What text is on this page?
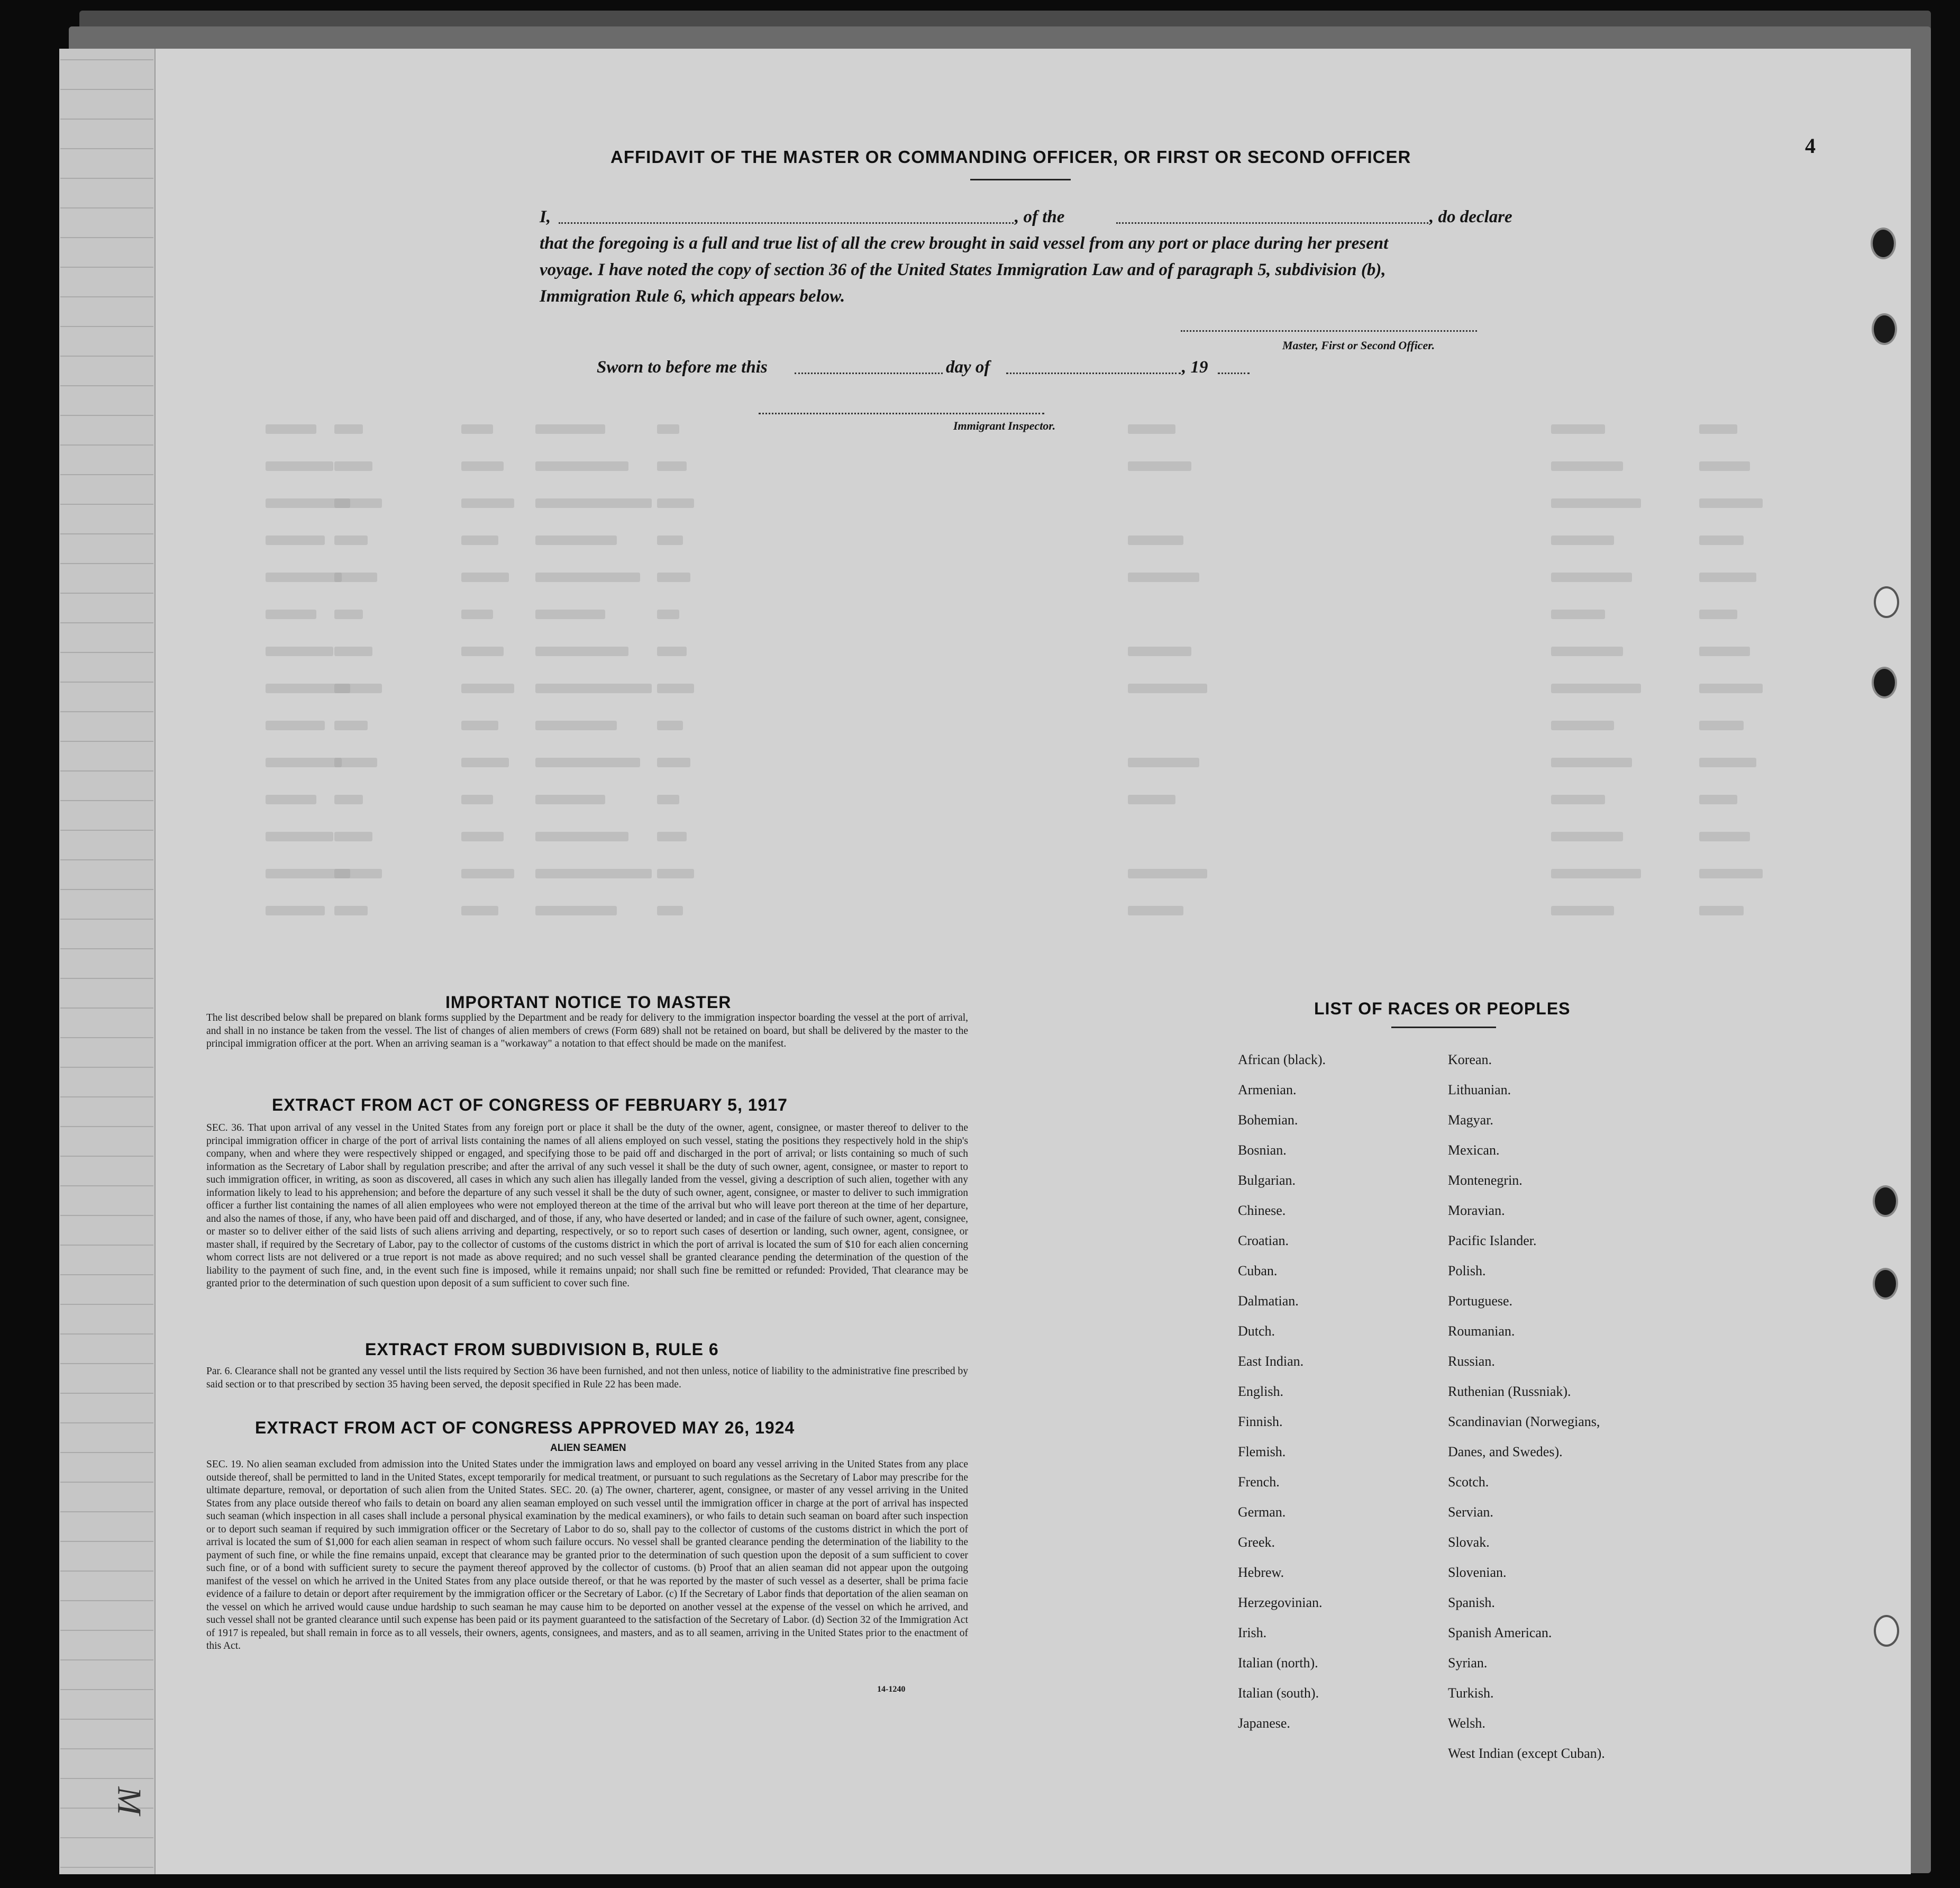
4
AFFIDAVIT OF THE MASTER OR COMMANDING OFFICER, OR FIRST OR SECOND OFFICER
I,	, of the	, do declare
that the foregoing is a full and true list of all the crew brought in said vessel from any port or place during her present
voyage. I have noted the copy of section 36 of the United States Immigration Law and of paragraph 5, subdivision (b),
Immigration Rule 6, which appears below.
Master, First or Second Officer.
Sworn to before me this	day of	, 19
Immigrant Inspector.
IMPORTANT NOTICE TO MASTER
The list described below shall be prepared on blank forms supplied by the Department and be ready for delivery to the immigration inspector boarding the vessel at the port of arrival, and shall in no instance be taken from the vessel. The list of changes of alien members of crews (Form 689) shall not be retained on board, but shall be delivered by the master to the principal immigration officer at the port. When an arriving seaman is a "workaway" a notation to that effect should be made on the manifest.
EXTRACT FROM ACT OF CONGRESS OF FEBRUARY 5, 1917
SEC. 36. That upon arrival of any vessel in the United States from any foreign port or place it shall be the duty of the owner, agent, consignee, or master thereof to deliver to the principal immigration officer in charge of the port of arrival lists containing the names of all aliens employed on such vessel, stating the positions they respectively hold in the ship's company, when and where they were respectively shipped or engaged, and specifying those to be paid off and discharged in the port of arrival; or lists containing so much of such information as the Secretary of Labor shall by regulation prescribe; and after the arrival of any such vessel it shall be the duty of such owner, agent, consignee, or master to report to such immigration officer, in writing, as soon as discovered, all cases in which any such alien has illegally landed from the vessel, giving a description of such alien, together with any information likely to lead to his apprehension; and before the departure of any such vessel it shall be the duty of such owner, agent, consignee, or master to deliver to such immigration officer a further list containing the names of all alien employees who were not employed thereon at the time of the arrival but who will leave port thereon at the time of her departure, and also the names of those, if any, who have been paid off and discharged, and of those, if any, who have deserted or landed; and in case of the failure of such owner, agent, consignee, or master so to deliver either of the said lists of such aliens arriving and departing, respectively, or so to report such cases of desertion or landing, such owner, agent, consignee, or master shall, if required by the Secretary of Labor, pay to the collector of customs of the customs district in which the port of arrival is located the sum of $10 for each alien concerning whom correct lists are not delivered or a true report is not made as above required; and no such vessel shall be granted clearance pending the determination of the question of the liability to the payment of such fine, and, in the event such fine is imposed, while it remains unpaid; nor shall such fine be remitted or refunded: Provided, That clearance may be granted prior to the determination of such question upon deposit of a sum sufficient to cover such fine.
EXTRACT FROM SUBDIVISION B, RULE 6
Par. 6. Clearance shall not be granted any vessel until the lists required by Section 36 have been furnished, and not then unless, notice of liability to the administrative fine prescribed by said section or to that prescribed by section 35 having been served, the deposit specified in Rule 22 has been made.
EXTRACT FROM ACT OF CONGRESS APPROVED MAY 26, 1924
ALIEN SEAMEN
SEC. 19. No alien seaman excluded from admission into the United States under the immigration laws and employed on board any vessel arriving in the United States from any place outside thereof, shall be permitted to land in the United States, except temporarily for medical treatment, or pursuant to such regulations as the Secretary of Labor may prescribe for the ultimate departure, removal, or deportation of such alien from the United States. SEC. 20. (a) The owner, charterer, agent, consignee, or master of any vessel arriving in the United States from any place outside thereof who fails to detain on board any alien seaman employed on such vessel until the immigration officer in charge at the port of arrival has inspected such seaman (which inspection in all cases shall include a personal physical examination by the medical examiners), or who fails to detain such seaman on board after such inspection or to deport such seaman if required by such immigration officer or the Secretary of Labor to do so, shall pay to the collector of customs of the customs district in which the port of arrival is located the sum of $1,000 for each alien seaman in respect of whom such failure occurs. No vessel shall be granted clearance pending the determination of the liability to the payment of such fine, or while the fine remains unpaid, except that clearance may be granted prior to the determination of such question upon the deposit of a sum sufficient to cover such fine, or of a bond with sufficient surety to secure the payment thereof approved by the collector of customs. (b) Proof that an alien seaman did not appear upon the outgoing manifest of the vessel on which he arrived in the United States from any place outside thereof, or that he was reported by the master of such vessel as a deserter, shall be prima facie evidence of a failure to detain or deport after requirement by the immigration officer or the Secretary of Labor. (c) If the Secretary of Labor finds that deportation of the alien seaman on the vessel on which he arrived would cause undue hardship to such seaman he may cause him to be deported on another vessel at the expense of the vessel on which he arrived, and such vessel shall not be granted clearance until such expense has been paid or its payment guaranteed to the satisfaction of the Secretary of Labor. (d) Section 32 of the Immigration Act of 1917 is repealed, but shall remain in force as to all vessels, their owners, agents, consignees, and masters, and as to all seamen, arriving in the United States prior to the enactment of this Act.
14-1240
LIST OF RACES OR PEOPLES
African (black).
Armenian.
Bohemian.
Bosnian.
Bulgarian.
Chinese.
Croatian.
Cuban.
Dalmatian.
Dutch.
East Indian.
English.
Finnish.
Flemish.
French.
German.
Greek.
Hebrew.
Herzegovinian.
Irish.
Italian (north).
Italian (south).
Japanese.
Korean.
Lithuanian.
Magyar.
Mexican.
Montenegrin.
Moravian.
Pacific Islander.
Polish.
Portuguese.
Roumanian.
Russian.
Ruthenian (Russniak).
Scandinavian (Norwegians,
Danes, and Swedes).
Scotch.
Servian.
Slovak.
Slovenian.
Spanish.
Spanish American.
Syrian.
Turkish.
Welsh.
West Indian (except Cuban).
M
